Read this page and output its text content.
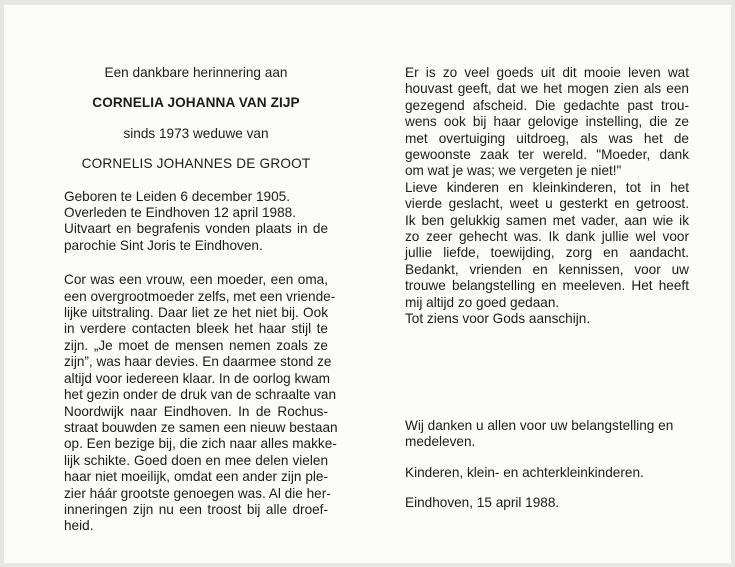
Een dankbare herinnering aan
CORNELIA JOHANNA VAN ZIJP
sinds 1973 weduwe van
CORNELIS JOHANNES DE GROOT
Geboren te Leiden 6 december 1905.
Overleden te Eindhoven 12 april 1988.
Uitvaart en begrafenis vonden plaats in de
parochie Sint Joris te Eindhoven.
Cor was een vrouw, een moeder, een oma,
een overgrootmoeder zelfs, met een vriende-
lijke uitstraling. Daar liet ze het niet bij. Ook
in verdere contacten bleek het haar stijl te
zijn. „Je moet de mensen nemen zoals ze
zijn”, was haar devies. En daarmee stond ze
altijd voor iedereen klaar. In de oorlog kwam
het gezin onder de druk van de schraalte van
Noordwijk naar Eindhoven. In de Rochus-
straat bouwden ze samen een nieuw bestaan
op. Een bezige bij, die zich naar alles makke-
lijk schikte. Goed doen en mee delen vielen
haar niet moeilijk, omdat een ander zijn ple-
zier háár grootste genoegen was. Al die her-
inneringen zijn nu een troost bij alle droef-
heid.
Er is zo veel goeds uit dit mooie leven wat
houvast geeft, dat we het mogen zien als een
gezegend afscheid. Die gedachte past trou-
wens ook bij haar gelovige instelling, die ze
met overtuiging uitdroeg, als was het de
gewoonste zaak ter wereld. "Moeder, dank
om wat je was; we vergeten je niet!"
Lieve kinderen en kleinkinderen, tot in het
vierde geslacht, weet u gesterkt en getroost.
Ik ben gelukkig samen met vader, aan wie ik
zo zeer gehecht was. Ik dank jullie wel voor
jullie liefde, toewijding, zorg en aandacht.
Bedankt, vrienden en kennissen, voor uw
trouwe belangstelling en meeleven. Het heeft
mij altijd zo goed gedaan.
Tot ziens voor Gods aanschijn.
Wij danken u allen voor uw belangstelling en
medeleven.
Kinderen, klein- en achterkleinkinderen.
Eindhoven, 15 april 1988.
